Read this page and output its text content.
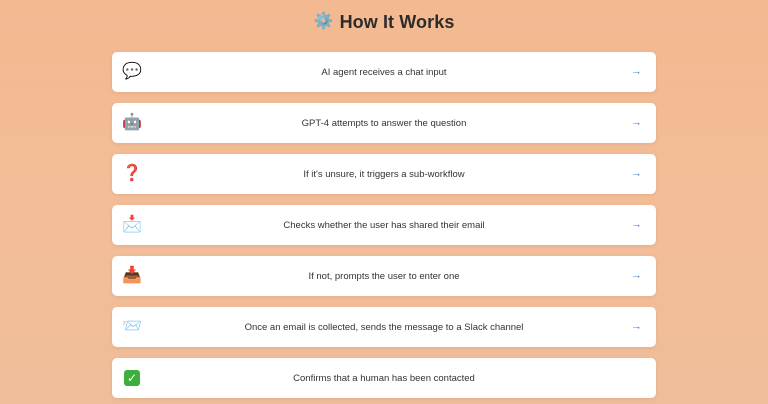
⚙️ How It Works
💬	AI agent receives a chat input	→
🤖	GPT-4 attempts to answer the question	→
❓	If it's unsure, it triggers a sub-workflow	→
📩	Checks whether the user has shared their email	→
📥	If not, prompts the user to enter one	→
📨	Once an email is collected, sends the message to a Slack channel	→
✓	Confirms that a human has been contacted
